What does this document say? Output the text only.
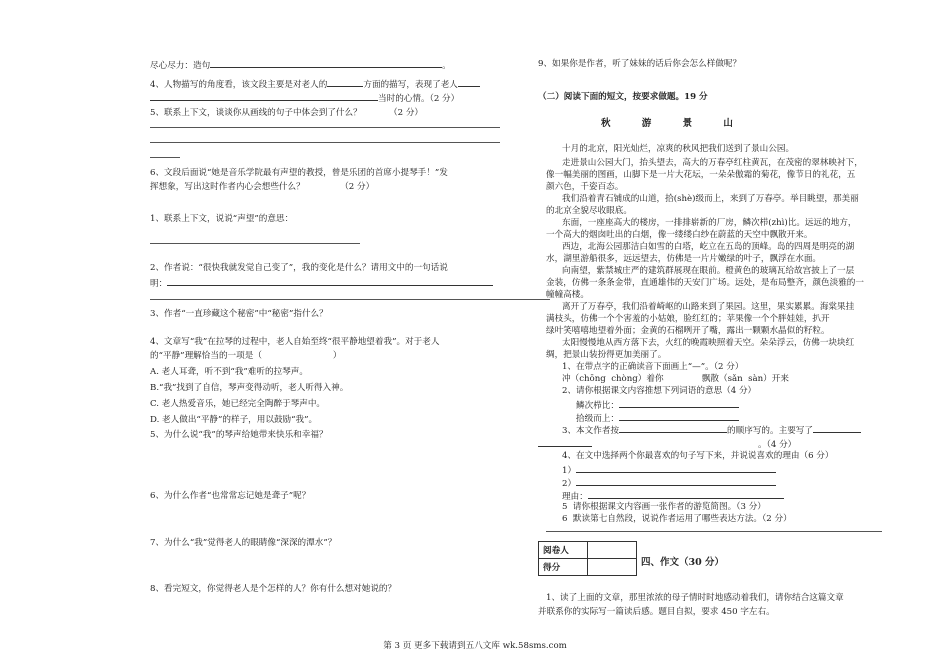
尽心尽力：造句	。
4、人物描写的角度看，该文段主要是对老人的	方面的描写，表现了老人
当时的心情。（2 分）
5、联系上下文，谈谈你从画线的句子中体会到了什么？          （2 分）
6、文段后面说“她是音乐学院最有声望的教授，曾是乐团的首席小提琴手！”发
挥想象，写出这时作者内心会想些什么？             （2 分）
1、联系上下文，说说“声望”的意思：
2、作者说：“很快我就发觉自己变了”，我的变化是什么？请用文中的一句话说
明：
3、作者“一直珍藏这个秘密”中“秘密”指什么？
4、文章写“我”在拉琴的过程中，老人自始至终“很平静地望着我”。对于老人
的“平静”理解恰当的一项是（                          ）
A. 老人耳聋，听不到“我”难听的拉琴声。
B.“我”找到了自信，琴声变得动听，老人听得入神。
C. 老人热爱音乐，她已经完全陶醉于琴声中。
D. 老人做出“平静”的样子，用以鼓励“我”。
5、为什么说“我”的琴声给她带来快乐和幸福？
6、为什么作者“也常常忘记她是聋子”呢？
7、为什么“我”觉得老人的眼睛像“深深的潭水”？
8、看完短文，你觉得老人是个怎样的人？你有什么想对她说的？
9、如果你是作者，听了妹妹的话后你会怎么样做呢？
（二）阅读下面的短文，按要求做题。19 分
秋 游 景 山
十月的北京，阳光灿烂，凉爽的秋风把我们送到了景山公园。
走进景山公园大门，抬头望去，高大的万春亭红柱黄瓦，在茂密的翠林映衬下，
像一幅美丽的图画，山脚下是一片大花坛，一朵朵傲霜的菊花，像节日的礼花，五
颜六色，千姿百态。
我们沿着青石铺成的山道，拾(shè)级而上，来到了万春亭。举目眺望，那美丽
的北京全貌尽收眼底。
东面，一座座高大的楼房，一排排崭新的厂房，鳞次栉(zhì)比。远远的地方，
一个高大的烟囱吐出的白烟，像一缕缕白纱在蔚蓝的天空中飘散开来。
西边，北海公园那洁白如雪的白塔，屹立在五岛的顶峰。岛的四周是明亮的湖
水，湖里游船很多，远远望去，仿佛是一片片嫩绿的叶子，飘浮在水面。
向南望，紫禁城庄严的建筑群展现在眼前。橙黄色的玻璃瓦给故宫披上了一层
金装，仿佛一条条金带，直通雄伟的天安门广场。远处，是布局整齐，颜色淡雅的一
幢幢高楼。
离开了万春亭，我们沿着崎岖的山路来到了果园。这里，果实累累。海棠果挂
满枝头，仿佛一个个害羞的小姑娘，脸红红的；苹果像一个个胖娃娃，扒开
绿叶笑嘻嘻地望着外面；金黄的石榴咧开了嘴，露出一颗颗水晶似的籽粒。
太阳慢慢地从西方落下去，火红的晚霞映照着天空。朵朵浮云，仿佛一块块红
绸，把景山装扮得更加美丽了。
1、在带点字的正确读音下面画上“—”。（2 分）
冲（chōng  chòng）着你              飘散（sǎn  sàn）开来
2、请你根据课文内容推想下列词语的意思（4 分）
鳞次栉比：
拾级而上：
3、本文作者按	的顺序写的。主要写了
。（4 分）
4、在文中选择两个你最喜欢的句子写下来，并说说喜欢的理由（6 分）
1）
2）
理由：
5  请你根据课文内容画一张作者的游览简图。（3 分）
6  默读第七自然段，说说作者运用了哪些表达方法。（2 分）
阅卷人	
得分		四、作文（30 分）
1、读了上面的文章，那里浓浓的母子情时时地感动着我们，请你结合这篇文章
并联系你的实际写一篇读后感。题目自拟，要求 450 字左右。
第 3 页 更多下载请到五八文库 wk.58sms.com
